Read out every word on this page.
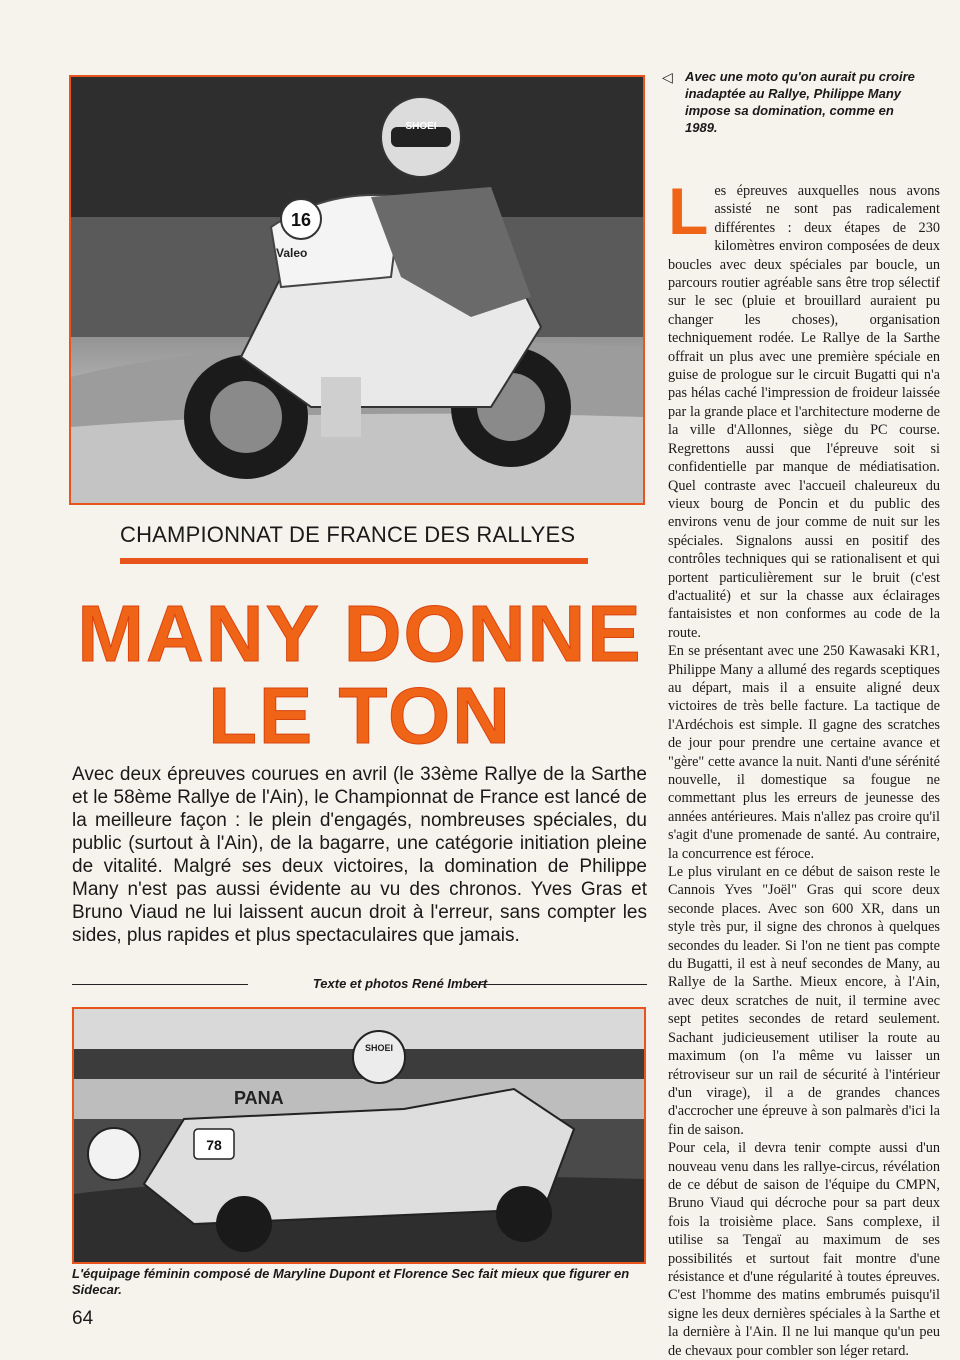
16
SHOEI
Valeo
◁ Avec une moto qu'on aurait pu croire inadaptée au Rallye, Philippe Many impose sa domination, comme en 1989.
CHAMPIONNAT DE FRANCE DES RALLYES
MANY DONNE
LE TON
Avec deux épreuves courues en avril (le 33ème Rallye de la Sarthe et le 58ème Rallye de l'Ain), le Championnat de France est lancé de la meilleure façon : le plein d'engagés, nombreuses spéciales, du public (surtout à l'Ain), de la bagarre, une catégorie initiation pleine de vitalité. Malgré ses deux victoires, la domination de Philippe Many n'est pas aussi évidente au vu des chronos. Yves Gras et Bruno Viaud ne lui laissent aucun droit à l'erreur, sans compter les sides, plus rapides et plus spectaculaires que jamais.
Texte et photos René Imbert
78
SHOEI
PANA
L'équipage féminin composé de Maryline Dupont et Florence Sec fait mieux que figurer en Sidecar.
64

Les épreuves auxquelles nous avons assisté ne sont pas radicalement différentes : deux étapes de 230 kilomètres environ composées de deux boucles avec deux spéciales par boucle, un parcours routier agréable sans être trop sélectif sur le sec (pluie et brouillard auraient pu changer les choses), organisation techniquement rodée. Le Rallye de la Sarthe offrait un plus avec une première spéciale en guise de prologue sur le circuit Bugatti qui n'a pas hélas caché l'impression de froideur laissée par la grande place et l'architecture moderne de la ville d'Allonnes, siège du PC course. Regrettons aussi que l'épreuve soit si confidentielle par manque de médiatisation. Quel contraste avec l'accueil chaleureux du vieux bourg de Poncin et du public des environs venu de jour comme de nuit sur les spéciales. Signalons aussi en positif des contrôles techniques qui se rationalisent et qui portent particulièrement sur le bruit (c'est d'actualité) et sur la chasse aux éclairages fantaisistes et non conformes au code de la route.

En se présentant avec une 250 Kawasaki KR1, Philippe Many a allumé des regards sceptiques au départ, mais il a ensuite aligné deux victoires de très belle facture. La tactique de l'Ardéchois est simple. Il gagne des scratches de jour pour prendre une certaine avance et "gère" cette avance la nuit. Nanti d'une sérénité nouvelle, il domestique sa fougue ne commettant plus les erreurs de jeunesse des années antérieures. Mais n'allez pas croire qu'il s'agit d'une promenade de santé. Au contraire, la concurrence est féroce.

Le plus virulant en ce début de saison reste le Cannois Yves "Joël" Gras qui score deux seconde places. Avec son 600 XR, dans un style très pur, il signe des chronos à quelques secondes du leader. Si l'on ne tient pas compte du Bugatti, il est à neuf secondes de Many, au Rallye de la Sarthe. Mieux encore, à l'Ain, avec deux scratches de nuit, il termine avec sept petites secondes de retard seulement. Sachant judicieusement utiliser la route au maximum (on l'a même vu laisser un rétroviseur sur un rail de sécurité à l'intérieur d'un virage), il a de grandes chances d'accrocher une épreuve à son palmarès d'ici la fin de saison.

Pour cela, il devra tenir compte aussi d'un nouveau venu dans les rallye-circus, révélation de ce début de saison de l'équipe du CMPN, Bruno Viaud qui décroche pour sa part deux fois la troisième place. Sans complexe, il utilise sa Tengaï au maximum de ses possibilités et surtout fait montre d'une résistance et d'une régularité à toutes épreuves. C'est l'homme des matins embrumés puisqu'il signe les deux dernières spéciales à la Sarthe et la dernière à l'Ain. Il ne lui manque qu'un peu de chevaux pour combler son léger retard.
